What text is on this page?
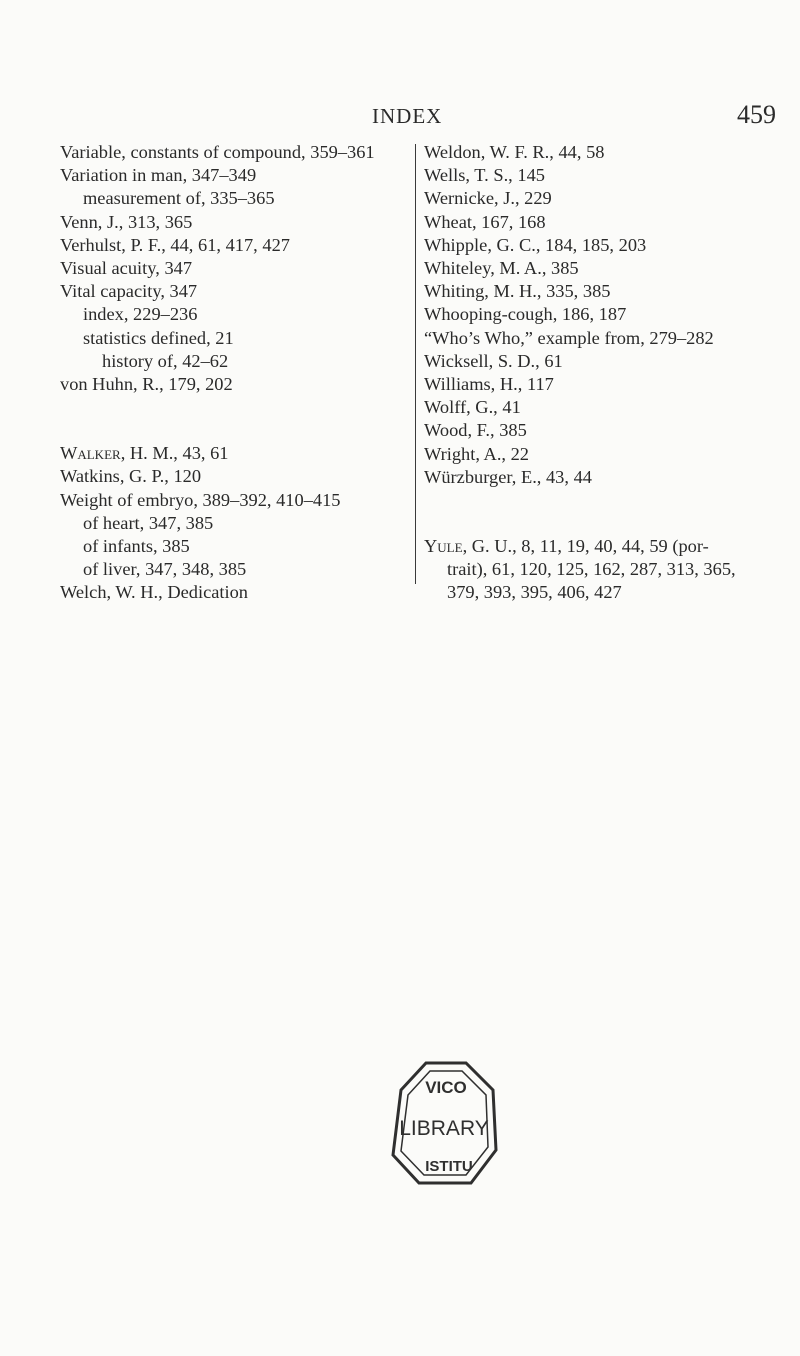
INDEX	459
Variable, constants of compound, 359–361
Variation in man, 347–349
measurement of, 335–365
Venn, J., 313, 365
Verhulst, P. F., 44, 61, 417, 427
Visual acuity, 347
Vital capacity, 347
index, 229–236
statistics defined, 21
history of, 42–62
von Huhn, R., 179, 202
Walker, H. M., 43, 61
Watkins, G. P., 120
Weight of embryo, 389–392, 410–415
of heart, 347, 385
of infants, 385
of liver, 347, 348, 385
Welch, W. H., Dedication
Weldon, W. F. R., 44, 58
Wells, T. S., 145
Wernicke, J., 229
Wheat, 167, 168
Whipple, G. C., 184, 185, 203
Whiteley, M. A., 385
Whiting, M. H., 335, 385
Whooping-cough, 186, 187
“Who’s Who,” example from, 279–282
Wicksell, S. D., 61
Williams, H., 117
Wolff, G., 41
Wood, F., 385
Wright, A., 22
Würzburger, E., 43, 44
Yule, G. U., 8, 11, 19, 40, 44, 59 (por-
trait), 61, 120, 125, 162, 287, 313, 365,
379, 393, 395, 406, 427
VICO
ISTITU
LIBRARY
